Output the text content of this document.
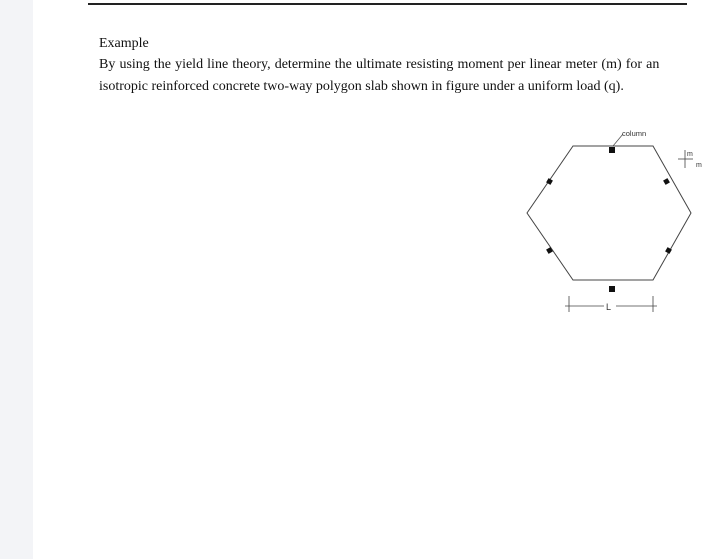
Example
By using the yield line theory, determine the ultimate resisting moment per linear meter (m) for an
isotropic reinforced concrete two-way polygon slab shown in figure under a uniform load (q).
column
m
m
L
